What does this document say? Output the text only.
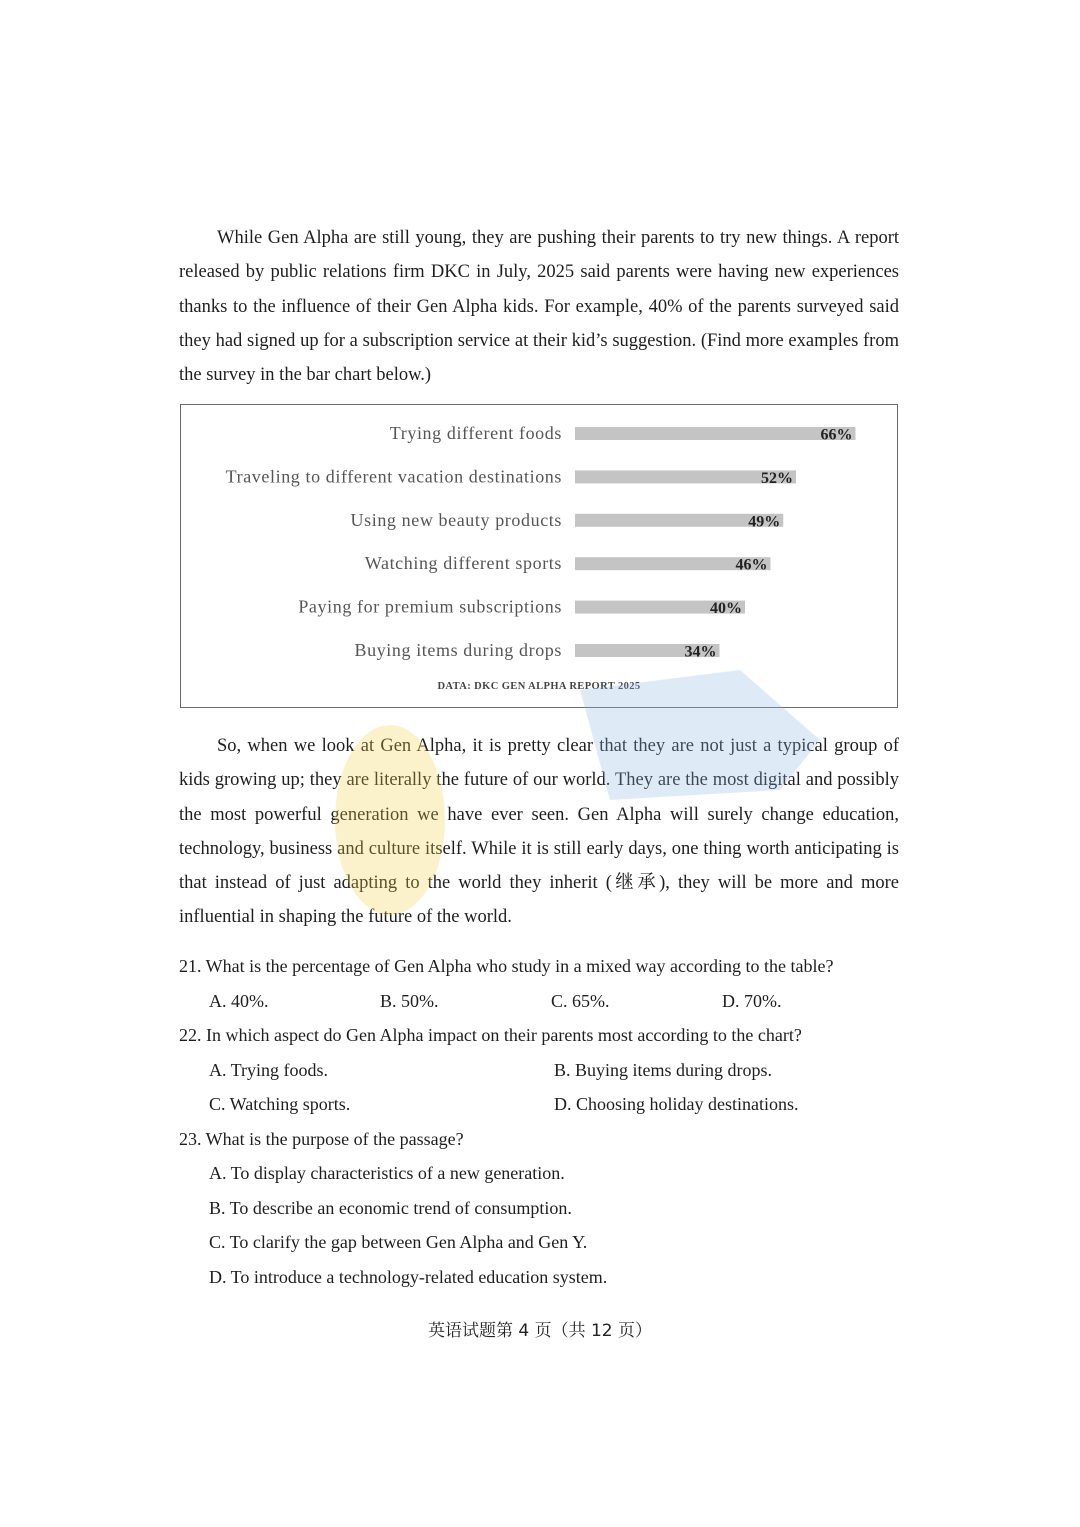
While Gen Alpha are still young, they are pushing their parents to try new things. A report released by public relations firm DKC in July, 2025 said parents were having new experiences thanks to the influence of their Gen Alpha kids. For example, 40% of the parents surveyed said they had signed up for a subscription service at their kid’s suggestion. (Find more examples from the survey in the bar chart below.)

Trying different foods	66%
Traveling to different vacation destinations	52%
Using new beauty products	49%
Watching different sports	46%
Paying for premium subscriptions	40%
Buying items during drops	34%
DATA: DKC GEN ALPHA REPORT 2025

So, when we look at Gen Alpha, it is pretty clear that they are not just a typical group of kids growing up; they are literally the future of our world. They are the most digital and possibly the most powerful generation we have ever seen. Gen Alpha will surely change education, technology, business and culture itself. While it is still early days, one thing worth anticipating is that instead of just adapting to the world they inherit (继承), they will be more and more influential in shaping the future of the world.

21. What is the percentage of Gen Alpha who study in a mixed way according to the table?

A. 40%.	B. 50%.	C. 65%.	D. 70%.

22. In which aspect do Gen Alpha impact on their parents most according to the chart?

A. Trying foods.	B. Buying items during drops.
C. Watching sports.	D. Choosing holiday destinations.

23. What is the purpose of the passage?

A. To display characteristics of a new generation.

B. To describe an economic trend of consumption.

C. To clarify the gap between Gen Alpha and Gen Y.

D. To introduce a technology-related education system.

英语试题第 4 页（共 12 页）
